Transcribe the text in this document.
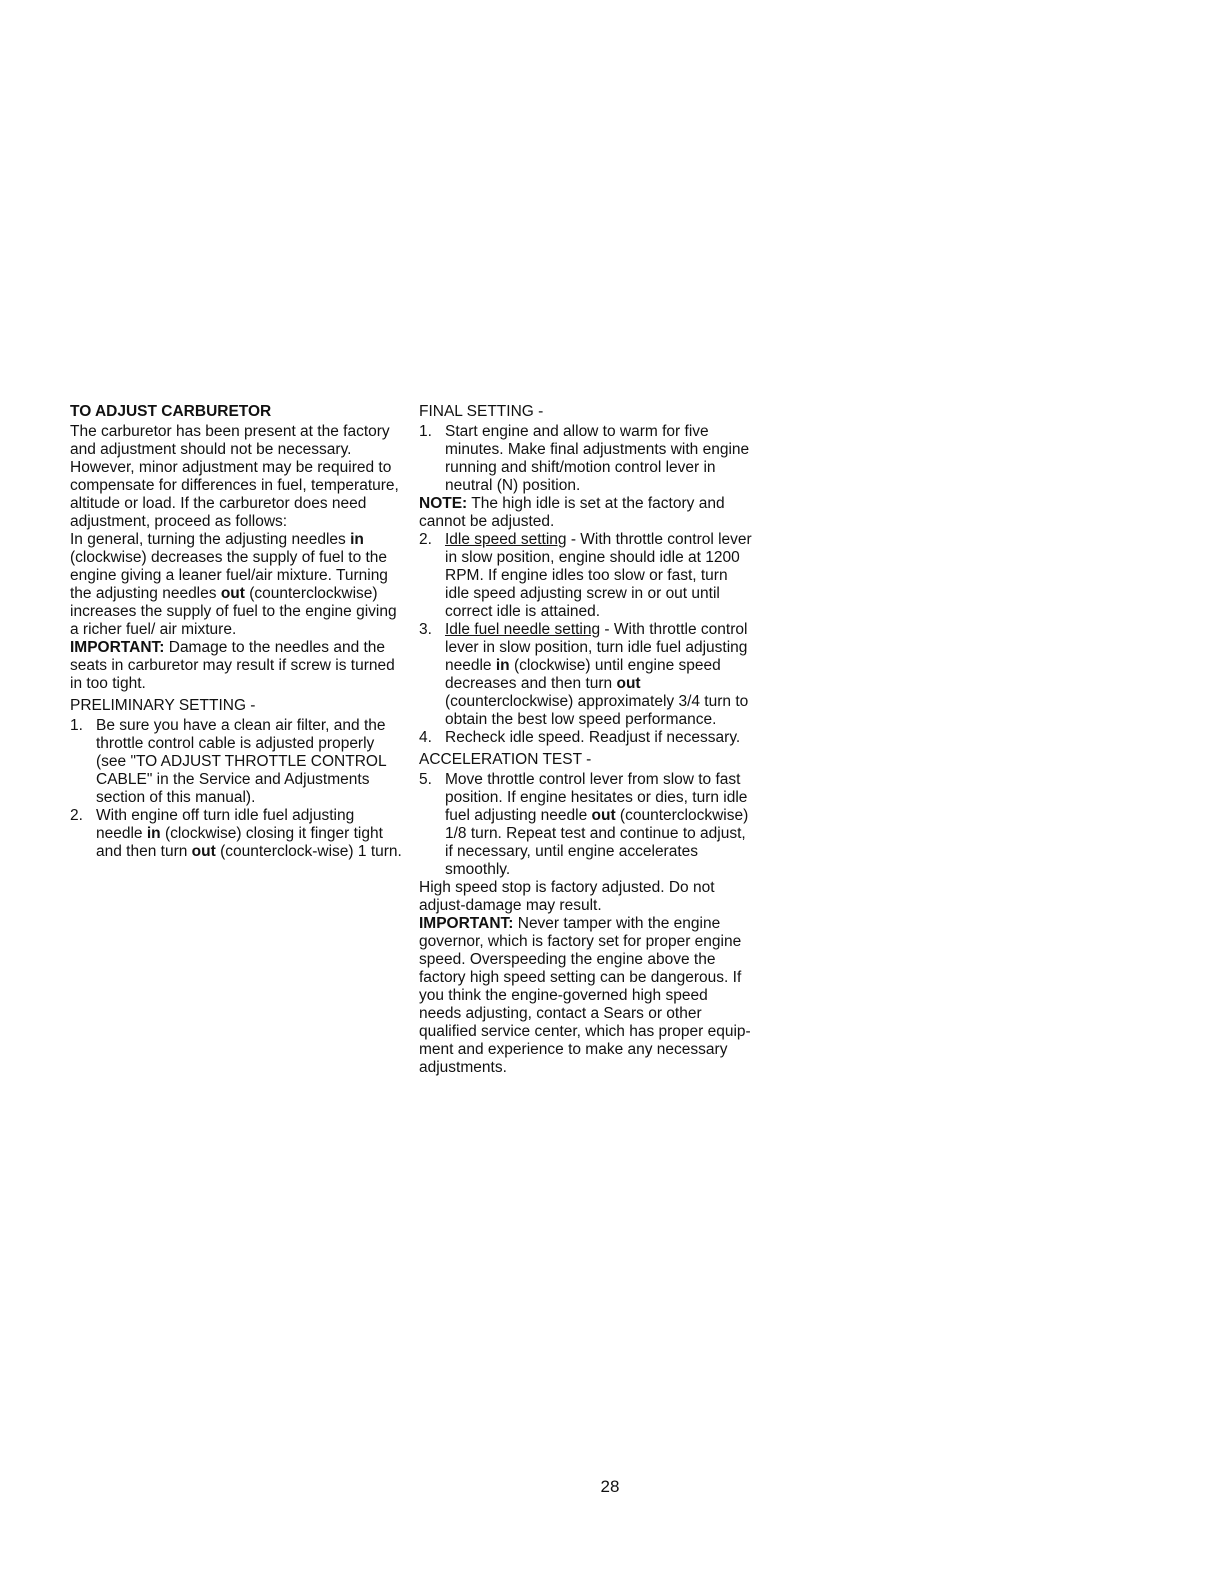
TO ADJUST CARBURETOR

The carburetor has been present at the factory and adjustment should not be necessary. However, minor adjustment may be required to compensate for differences in fuel, temperature, altitude or load. If the carburetor does need adjustment, proceed as follows:

In general, turning the adjusting needles in (clockwise) decreases the supply of fuel to the engine giving a leaner fuel/air mixture. Turning the adjusting needles out (counterclockwise) increases the supply of fuel to the engine giving a richer fuel/ air mixture.

IMPORTANT: Damage to the needles and the seats in carburetor may result if screw is turned in too tight.

PRELIMINARY SETTING -
1. Be sure you have a clean air filter, and the throttle control cable is adjusted properly (see "TO ADJUST THROTTLE CONTROL CABLE" in the Service and Adjustments section of this manual).
2. With engine off turn idle fuel adjusting needle in (clockwise) closing it finger tight and then turn out (counterclock-wise) 1 turn.
FINAL SETTING -
1. Start engine and allow to warm for five minutes. Make final adjustments with engine running and shift/motion control lever in neutral (N) position.

NOTE: The high idle is set at the factory and cannot be adjusted.

2. Idle speed setting - With throttle control lever in slow position, engine should idle at 1200 RPM. If engine idles too slow or fast, turn idle speed adjusting screw in or out until correct idle is attained.
3. Idle fuel needle setting - With throttle control lever in slow position, turn idle fuel adjusting needle in (clockwise) until engine speed decreases and then turn out (counterclockwise) approximately 3/4 turn to obtain the best low speed performance.
4. Recheck idle speed. Readjust if necessary.
ACCELERATION TEST -
5. Move throttle control lever from slow to fast position. If engine hesitates or dies, turn idle fuel adjusting needle out (counterclockwise) 1/8 turn. Repeat test and continue to adjust, if necessary, until engine accelerates smoothly.

High speed stop is factory adjusted. Do not adjust-damage may result.

IMPORTANT: Never tamper with the engine governor, which is factory set for proper engine speed. Overspeeding the engine above the factory high speed setting can be dangerous. If you think the engine-governed high speed needs adjusting, contact a Sears or other qualified service center, which has proper equip-ment and experience to make any necessary adjustments.

28
